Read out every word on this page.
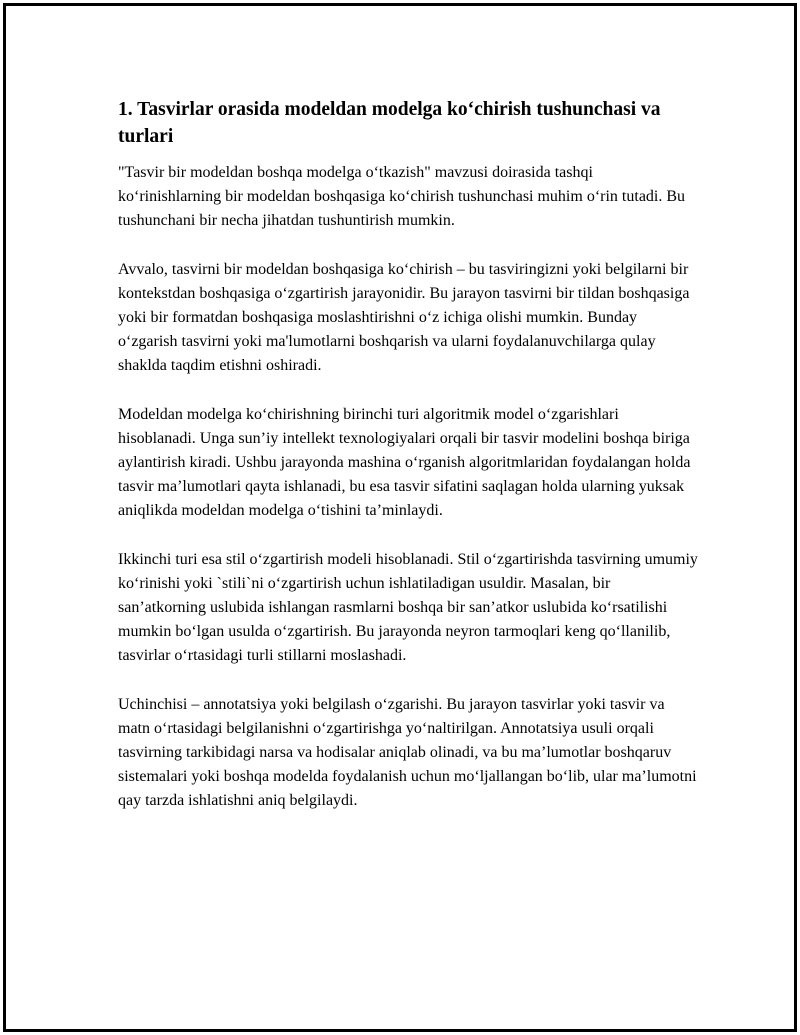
1. Tasvirlar orasida modeldan modelga ko‘chirish tushunchasi va turlari

"Tasvir bir modeldan boshqa modelga o‘tkazish" mavzusi doirasida tashqi ko‘rinishlarning bir modeldan boshqasiga ko‘chirish tushunchasi muhim o‘rin tutadi. Bu tushunchani bir necha jihatdan tushuntirish mumkin.

Avvalo, tasvirni bir modeldan boshqasiga ko‘chirish – bu tasviringizni yoki belgilarni bir kontekstdan boshqasiga o‘zgartirish jarayonidir. Bu jarayon tasvirni bir tildan boshqasiga yoki bir formatdan boshqasiga moslashtirishni o‘z ichiga olishi mumkin. Bunday o‘zgarish tasvirni yoki ma'lumotlarni boshqarish va ularni foydalanuvchilarga qulay shaklda taqdim etishni oshiradi.

Modeldan modelga ko‘chirishning birinchi turi algoritmik model o‘zgarishlari hisoblanadi. Unga sun’iy intellekt texnologiyalari orqali bir tasvir modelini boshqa biriga aylantirish kiradi. Ushbu jarayonda mashina o‘rganish algoritmlaridan foydalangan holda tasvir ma’lumotlari qayta ishlanadi, bu esa tasvir sifatini saqlagan holda ularning yuksak aniqlikda modeldan modelga o‘tishini ta’minlaydi.

Ikkinchi turi esa stil o‘zgartirish modeli hisoblanadi. Stil o‘zgartirishda tasvirning umumiy ko‘rinishi yoki `stili`ni o‘zgartirish uchun ishlatiladigan usuldir. Masalan, bir san’atkorning uslubida ishlangan rasmlarni boshqa bir san’atkor uslubida ko‘rsatilishi mumkin bo‘lgan usulda o‘zgartirish. Bu jarayonda neyron tarmoqlari keng qo‘llanilib, tasvirlar o‘rtasidagi turli stillarni moslashadi.

Uchinchisi – annotatsiya yoki belgilash o‘zgarishi. Bu jarayon tasvirlar yoki tasvir va matn o‘rtasidagi belgilanishni o‘zgartirishga yo‘naltirilgan. Annotatsiya usuli orqali tasvirning tarkibidagi narsa va hodisalar aniqlab olinadi, va bu ma’lumotlar boshqaruv sistemalari yoki boshqa modelda foydalanish uchun mo‘ljallangan bo‘lib, ular ma’lumotni qay tarzda ishlatishni aniq belgilaydi.
